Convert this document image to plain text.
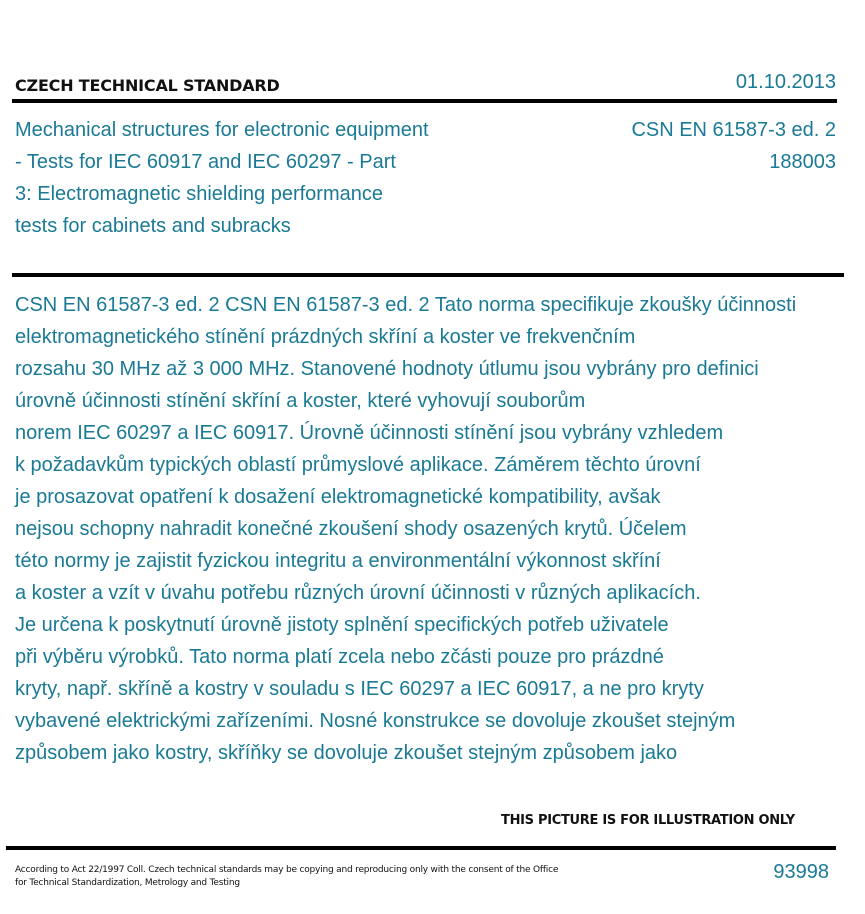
CZECH TECHNICAL STANDARD	01.10.2013
Mechanical structures for electronic equipment
- Tests for IEC 60917 and IEC 60297 - Part
3: Electromagnetic shielding performance
tests for cabinets and subracks
CSN EN 61587-3 ed. 2
188003
CSN EN 61587-3 ed. 2 CSN EN 61587-3 ed. 2 Tato norma specifikuje zkoušky účinnosti
elektromagnetického stínění prázdných skříní a koster ve frekvenčním
rozsahu 30 MHz až 3 000 MHz. Stanovené hodnoty útlumu jsou vybrány pro definici
úrovně účinnosti stínění skříní a koster, které vyhovují souborům
norem IEC 60297 a IEC 60917. Úrovně účinnosti stínění jsou vybrány vzhledem
k požadavkům typických oblastí průmyslové aplikace. Záměrem těchto úrovní
je prosazovat opatření k dosažení elektromagnetické kompatibility, avšak
nejsou schopny nahradit konečné zkoušení shody osazených krytů. Účelem
této normy je zajistit fyzickou integritu a environmentální výkonnost skříní
a koster a vzít v úvahu potřebu různých úrovní účinnosti v různých aplikacích.
Je určena k poskytnutí úrovně jistoty splnění specifických potřeb uživatele
při výběru výrobků. Tato norma platí zcela nebo zčásti pouze pro prázdné
kryty, např. skříně a kostry v souladu s IEC 60297 a IEC 60917, a ne pro kryty
vybavené elektrickými zařízeními. Nosné konstrukce se dovoluje zkoušet stejným
způsobem jako kostry, skříňky se dovoluje zkoušet stejným způsobem jako
THIS PICTURE IS FOR ILLUSTRATION ONLY
According to Act 22/1997 Coll. Czech technical standards may be copying and reproducing only with the consent of the Office
for Technical Standardization, Metrology and Testing	93998
